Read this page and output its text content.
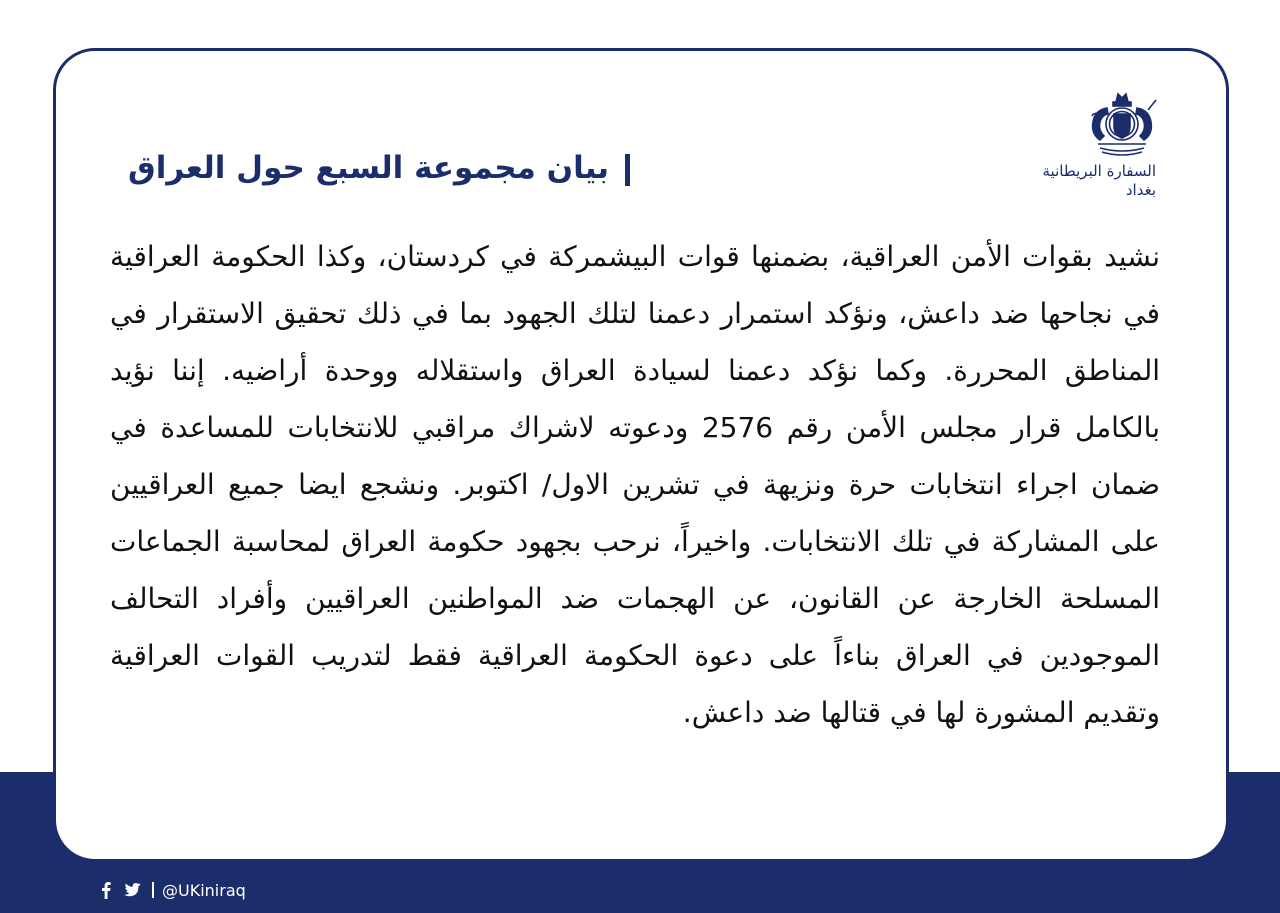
السفارة البريطانية
بغداد
بيان مجموعة السبع حول العراق

نشيد بقوات الأمن العراقية، بضمنها قوات البيشمركة في كردستان، وكذا الحكومة العراقية في نجاحها ضد داعش، ونؤكد استمرار دعمنا لتلك الجهود بما في ذلك تحقيق الاستقرار في المناطق المحررة. وكما نؤكد دعمنا لسيادة العراق واستقلاله ووحدة أراضيه. إننا نؤيد بالكامل قرار مجلس الأمن رقم 2576 ودعوته لاشراك مراقبي للانتخابات للمساعدة في ضمان اجراء انتخابات حرة ونزيهة في تشرين الاول/ اكتوبر. ونشجع ايضا جميع العراقيين على المشاركة في تلك الانتخابات. واخيراً، نرحب بجهود حكومة العراق لمحاسبة الجماعات المسلحة الخارجة عن القانون، عن الهجمات ضد المواطنين العراقيين وأفراد التحالف الموجودين في العراق بناءاً على دعوة الحكومة العراقية فقط لتدريب القوات العراقية وتقديم المشورة لها في قتالها ضد داعش.

@UKiniraq
